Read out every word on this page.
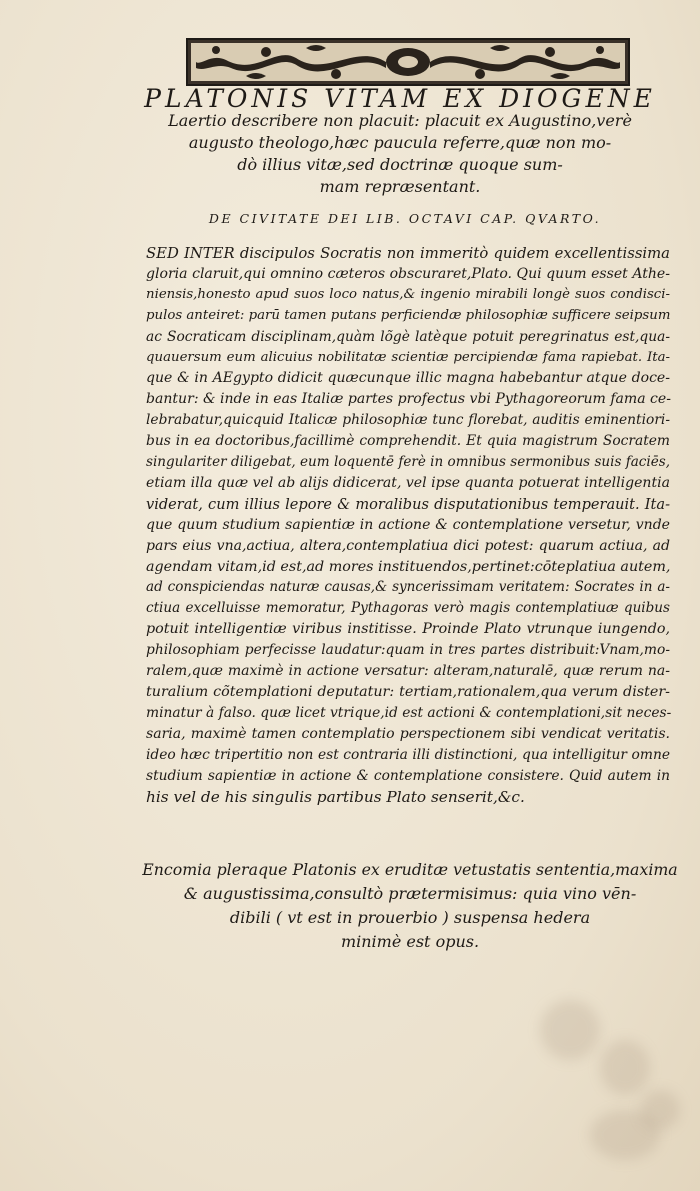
PLATONIS VITAM EX DIOGENE
Laertio describere non placuit: placuit ex Augustino,verè
augusto theologo,hæc paucula referre,quæ non mo-
dò illius vitæ,sed doctrinæ quoque sum-
mam repræsentant.
DE CIVITATE DEI LIB. OCTAVI CAP. QVARTO.
SED INTER discipulos Socratis non immeritò quidem excellentissima
gloria claruit,qui omnino cæteros obscuraret,Plato. Qui quum esset Athe-
niensis,honesto apud suos loco natus,& ingenio mirabili longè suos condisci-
pulos anteiret: parū tamen putans perficiendæ philosophiæ sufficere seipsum
ac Socraticam disciplinam,quàm lõgè latèque potuit peregrinatus est,qua-
quauersum eum alicuius nobilitatæ scientiæ percipiendæ fama rapiebat. Ita-
que & in AEgypto didicit quæcunque illic magna habebantur atque doce-
bantur: & inde in eas Italiæ partes profectus vbi Pythagoreorum fama ce-
lebrabatur,quicquid Italicæ philosophiæ tunc florebat, auditis eminentiori-
bus in ea doctoribus,facillimè comprehendit. Et quia magistrum Socratem
singulariter diligebat, eum loquentē ferè in omnibus sermonibus suis faciēs,
etiam illa quæ vel ab alijs didicerat, vel ipse quanta potuerat intelligentia
viderat, cum illius lepore & moralibus disputationibus temperauit. Ita-
que quum studium sapientiæ in actione & contemplatione versetur, vnde
pars eius vna,actiua, altera,contemplatiua dici potest: quarum actiua, ad
agendam vitam,id est,ad mores instituendos,pertinet:cōteplatiua autem,
ad conspiciendas naturæ causas,& syncerissimam veritatem: Socrates in a-
ctiua excelluisse memoratur, Pythagoras verò magis contemplatiuæ quibus
potuit intelligentiæ viribus institisse. Proinde Plato vtrunque iungendo,
philosophiam perfecisse laudatur:quam in tres partes distribuit:Vnam,mo-
ralem,quæ maximè in actione versatur: alteram,naturalē, quæ rerum na-
turalium cõtemplationi deputatur: tertiam,rationalem,qua verum dister-
minatur à falso. quæ licet vtrique,id est actioni & contemplationi,sit neces-
saria, maximè tamen contemplatio perspectionem sibi vendicat veritatis.
ideo hæc tripertitio non est contraria illi distinctioni, qua intelligitur omne
studium sapientiæ in actione & contemplatione consistere. Quid autem in
his vel de his singulis partibus Plato senserit,&c.
Encomia pleraque Platonis ex eruditæ vetustatis sententia,maxima
& augustissima,consultò prætermisimus: quia vino vēn-
dibili ( vt est in prouerbio ) suspensa hedera
minimè est opus.
